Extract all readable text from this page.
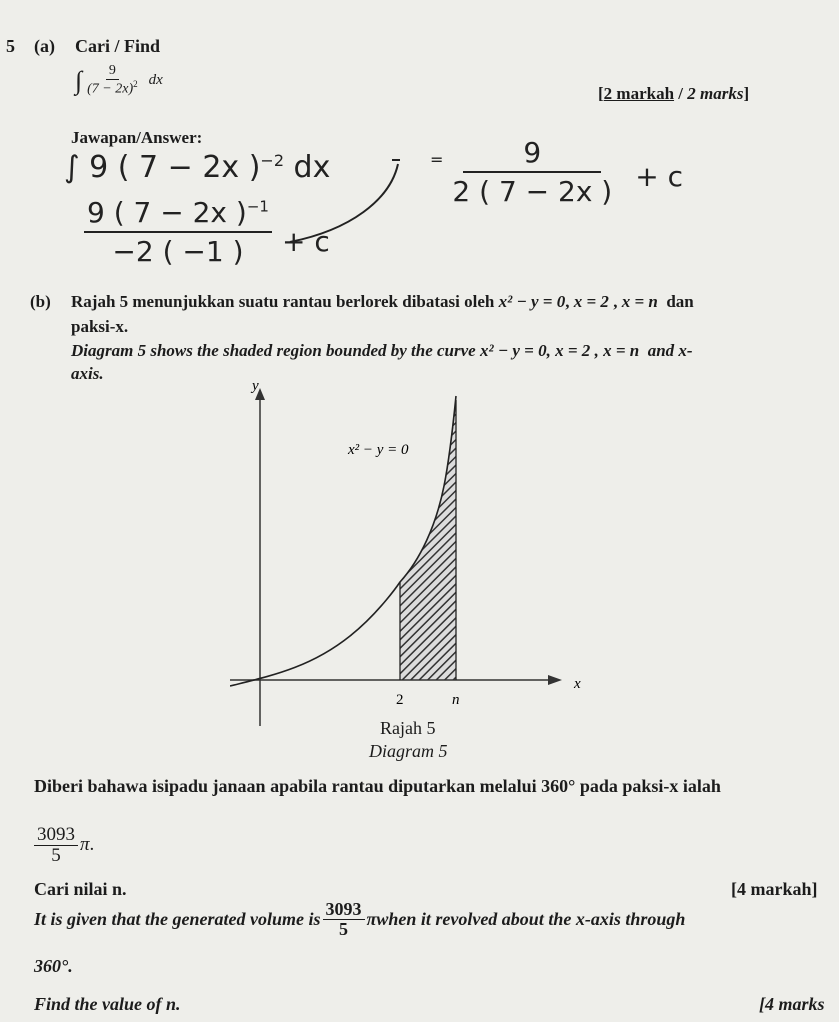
5 (a) Cari / Find
∫ $\frac{9}{(7 - 2x)^2}$ dx
[2 markah / 2 marks]
Jawapan/Answer:
∫ 9 ( 7 − 2x )$^{-2}$ dx
$\frac{9 ( 7 - 2x )^{-1}}{-2 ( -1 )} + c$
= $\frac{9}{2 ( 7 - 2x )} + c$
(b) Rajah 5 menunjukkan suatu rantau berlorek dibatasi oleh x² − y = 0, x = 2 , x = n dan
paksi-x.
Diagram 5 shows the shaded region bounded by the curve x² − y = 0, x = 2 , x = n and x-
axis.
y
x
x² − y = 0
2	n
Rajah 5
Diagram 5
Diberi bahawa isipadu janaan apabila rantau diputarkan melalui 360° pada paksi-x ialah
$\frac{3093}{5}$ π .
Cari nilai n.	[4 markah]
It is given that the generated volume is $\frac{3093}{5}$ π when it revolved about the x-axis through
360°.
Find the value of n.	[4 marks
